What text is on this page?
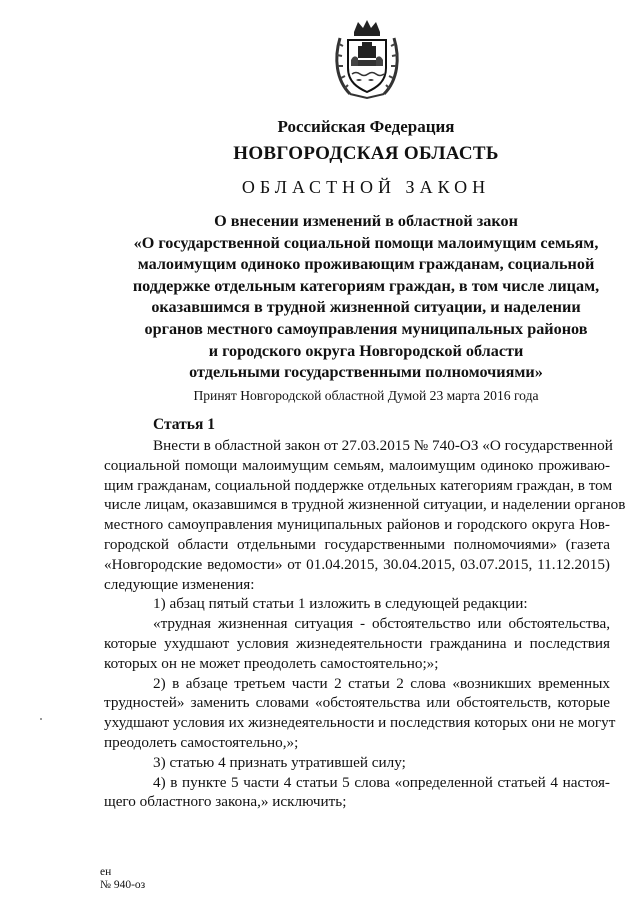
Российская Федерация
НОВГОРОДСКАЯ ОБЛАСТЬ
ОБЛАСТНОЙ ЗАКОН
О внесении изменений в областной закон
«О государственной социальной помощи малоимущим семьям,
малоимущим одиноко проживающим гражданам, социальной
поддержке отдельным категориям граждан, в том числе лицам,
оказавшимся в трудной жизненной ситуации, и наделении
органов местного самоуправления муниципальных районов
и городского округа Новгородской области
отдельными государственными полномочиями»
Принят Новгородской областной Думой 23 марта 2016 года
Статья 1
Внести в областной закон от 27.03.2015 № 740-ОЗ «О государственной
социальной помощи малоимущим семьям, малоимущим одиноко проживаю-
щим гражданам, социальной поддержке отдельных категориям граждан, в том
числе лицам, оказавшимся в трудной жизненной ситуации, и наделении органов
местного самоуправления муниципальных районов и городского округа Нов-
городской области отдельными государственными полномочиями» (газета
«Новгородские ведомости» от 01.04.2015, 30.04.2015, 03.07.2015, 11.12.2015)
следующие изменения:
1) абзац пятый статьи 1 изложить в следующей редакции:
«трудная жизненная ситуация - обстоятельство или обстоятельства,
которые ухудшают условия жизнедеятельности гражданина и последствия
которых он не может преодолеть самостоятельно;»;
2) в абзаце третьем части 2 статьи 2 слова «возникших временных
трудностей» заменить словами «обстоятельства или обстоятельств, которые
ухудшают условия их жизнедеятельности и последствия которых они не могут
преодолеть самостоятельно,»;
3) статью 4 признать утратившей силу;
4) в пункте 5 части 4 статьи 5 слова «определенной статьей 4 настоя-
щего областного закона,» исключить;
ен
№ 940-оз
